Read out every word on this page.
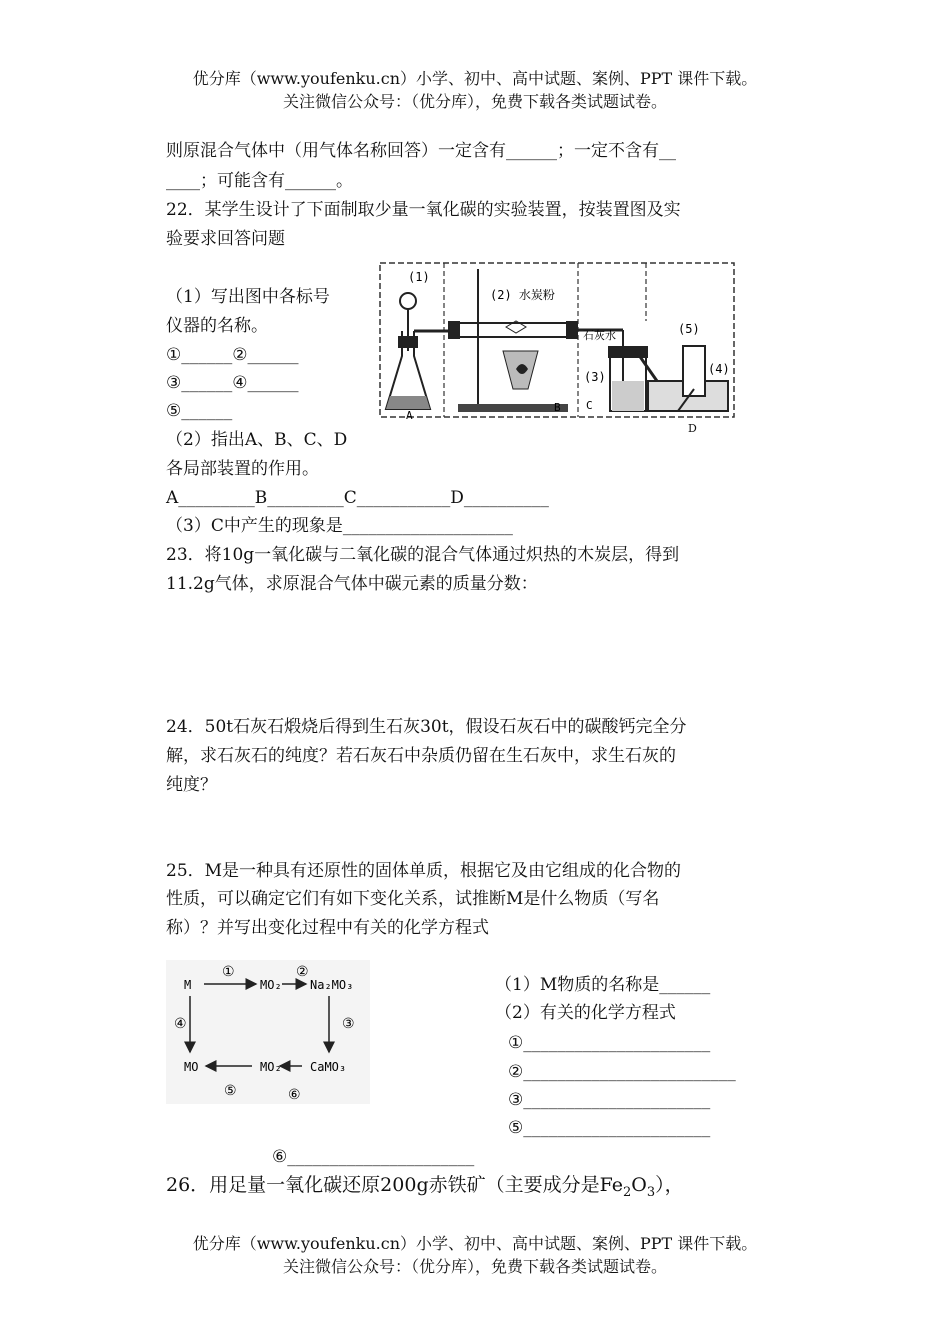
优分库（www.youfenku.cn）小学、初中、高中试题、案例、PPT 课件下载。
关注微信公众号：（优分库），免费下载各类试题试卷。
则原混合气体中（用气体名称回答）一定含有______；一定不含有__
____；可能含有______。
22．某学生设计了下面制取少量一氧化碳的实验装置，按装置图及实
验要求回答问题
（1）写出图中各标号
仪器的名称。
①______②______
③______④______
⑤______
（2）指出A、B、C、D
各局部装置的作用。
A_________B_________C___________D__________
（3）C中产生的现象是____________________
(1)
(2) 水炭粉
(3)
(4)
(5)
石灰水
A
B C
D
23．将10g一氧化碳与二氧化碳的混合气体通过炽热的木炭层，得到
11.2g气体，求原混合气体中碳元素的质量分数：
24．50t石灰石煅烧后得到生石灰30t，假设石灰石中的碳酸钙完全分
解，求石灰石的纯度？若石灰石中杂质仍留在生石灰中，求生石灰的
纯度？
25．M是一种具有还原性的固体单质，根据它及由它组成的化合物的
性质，可以确定它们有如下变化关系，试推断M是什么物质（写名
称）？并写出变化过程中有关的化学方程式
M	MO₂ Na₂MO₃
CaMO₃
MO₂
MO
①	②
③
④
⑤	⑥
（1）M物质的名称是______
（2）有关的化学方程式
①______________________
②_________________________
③______________________
⑤______________________
⑥______________________
26．用足量一氧化碳还原200g赤铁矿（主要成分是$Fe_2O_3$），
优分库（www.youfenku.cn）小学、初中、高中试题、案例、PPT 课件下载。
关注微信公众号：（优分库），免费下载各类试题试卷。
